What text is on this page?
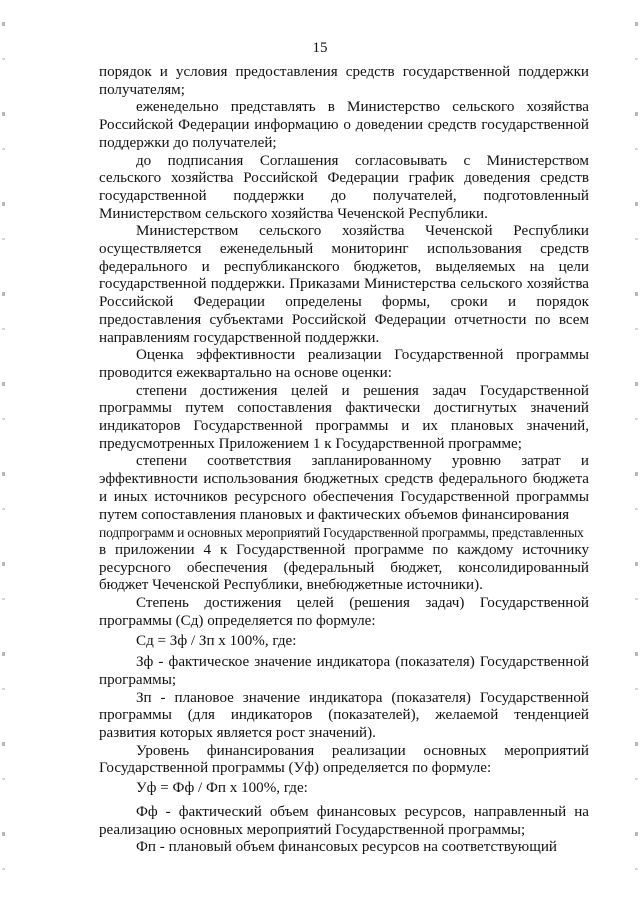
15

порядок и условия предоставления средств государственной поддержки получателям;

еженедельно представлять в Министерство сельского хозяйства Российской Федерации информацию о доведении средств государственной поддержки до получателей;

до подписания Соглашения согласовывать с Министерством сельского хозяйства Российской Федерации график доведения средств государственной поддержки до получателей, подготовленный Министерством сельского хозяйства Чеченской Республики.

Министерством сельского хозяйства Чеченской Республики осуществляется еженедельный мониторинг использования средств федерального и республиканского бюджетов, выделяемых на цели государственной поддержки. Приказами Министерства сельского хозяйства Российской Федерации определены формы, сроки и порядок предоставления субъектами Российской Федерации отчетности по всем направлениям государственной поддержки.

Оценка эффективности реализации Государственной программы проводится ежеквартально на основе оценки:

степени достижения целей и решения задач Государственной программы путем сопоставления фактически достигнутых значений индикаторов Государственной программы и их плановых значений, предусмотренных Приложением 1 к Государственной программе;

степени соответствия запланированному уровню затрат и эффективности использования бюджетных средств федерального бюджета и иных источников ресурсного обеспечения Государственной программы путем сопоставления плановых и фактических объемов финансирования

подпрограмм и основных мероприятий Государственной программы, представленных

в приложении 4 к Государственной программе по каждому источнику ресурсного обеспечения (федеральный бюджет, консолидированный бюджет Чеченской Республики, внебюджетные источники).

Степень достижения целей (решения задач) Государственной программы (Сд) определяется по формуле:

Сд = Зф / Зп х 100%, где:

Зф - фактическое значение индикатора (показателя) Государственной программы;

Зп - плановое значение индикатора (показателя) Государственной программы (для индикаторов (показателей), желаемой тенденцией развития которых является рост значений).

Уровень финансирования реализации основных мероприятий Государственной программы (Уф) определяется по формуле:

Уф = Фф / Фп х 100%, где:

Фф - фактический объем финансовых ресурсов, направленный на реализацию основных мероприятий Государственной программы;

Фп - плановый объем финансовых ресурсов на соответствующий
